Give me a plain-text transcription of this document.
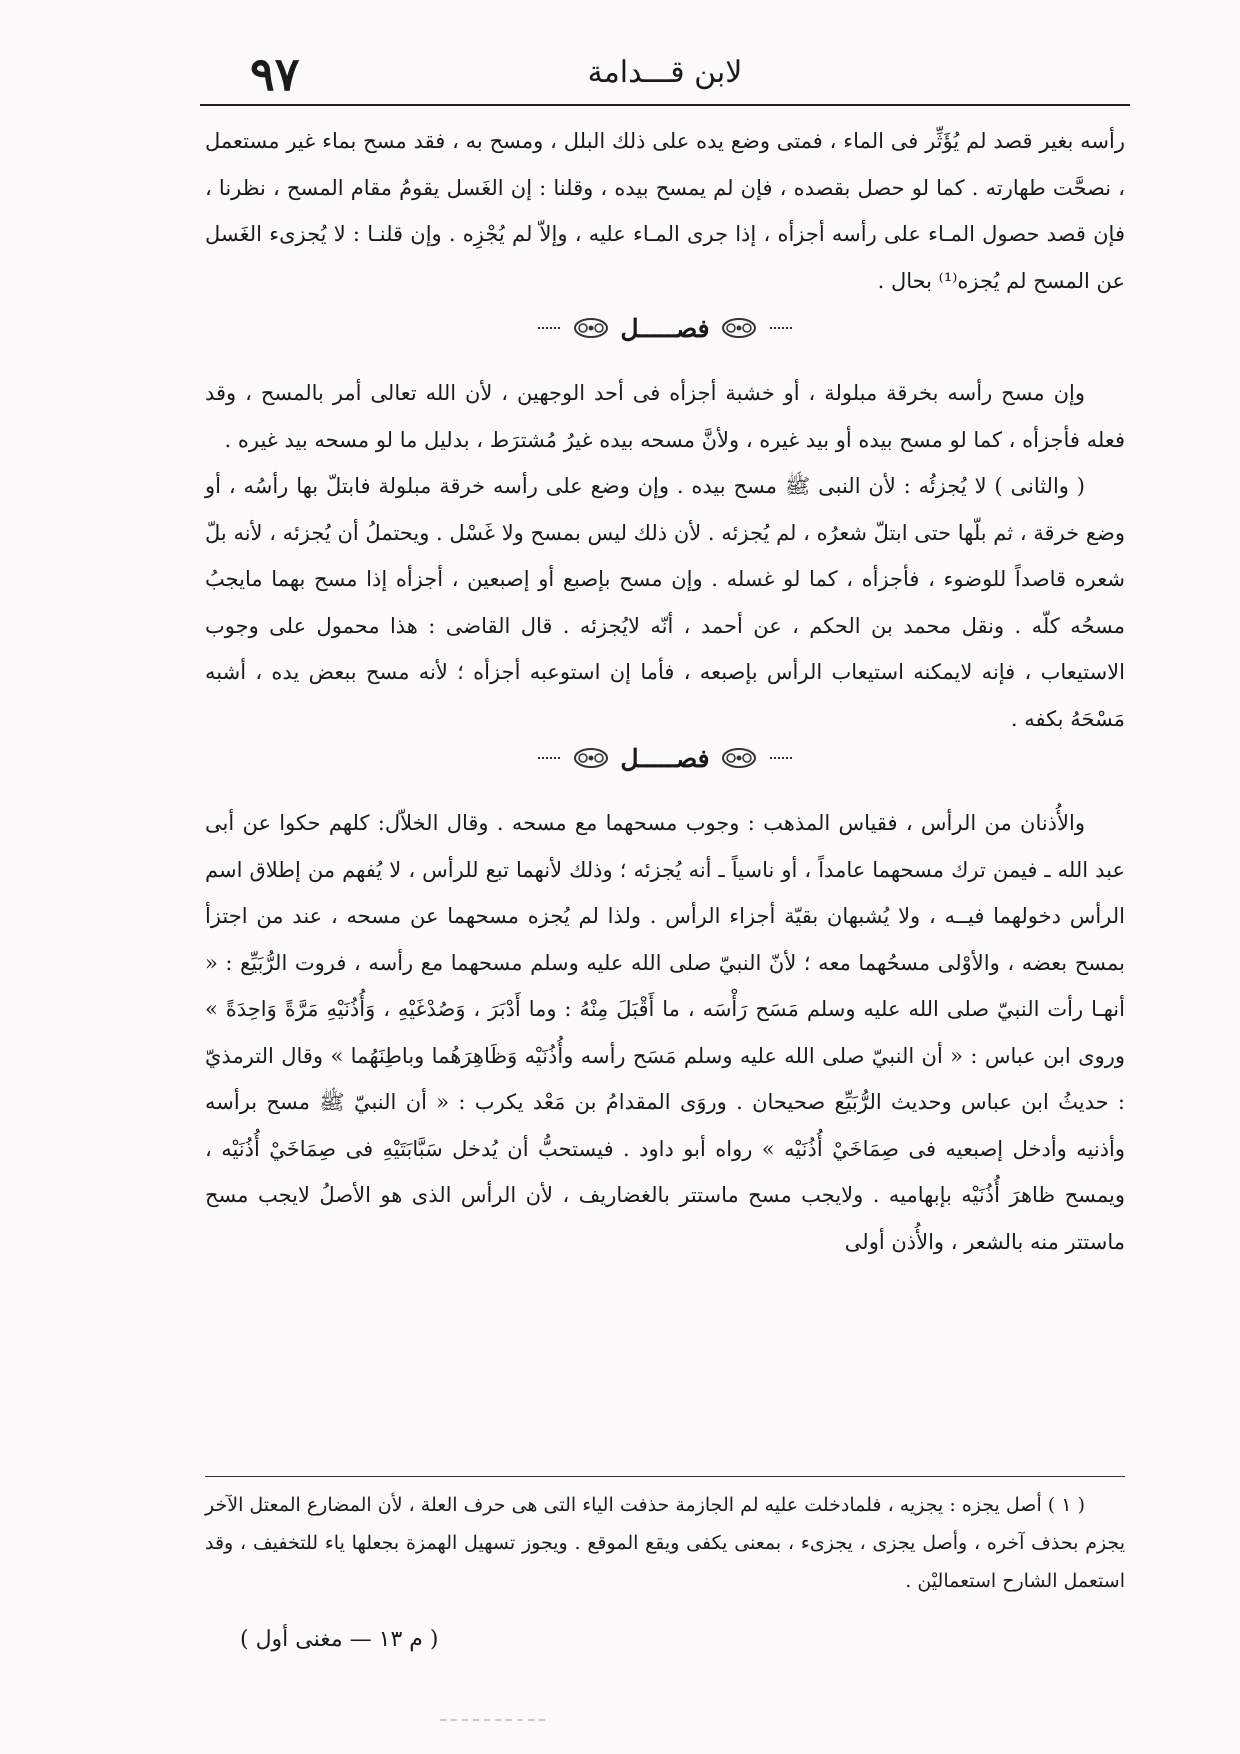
٩٧	لابن قـــدامة

رأسه بغير قصد لم يُؤَثِّر فى الماء ، فمتى وضع يده على ذلك البلل ، ومسح به ، فقد مسح بماء غير مستعمل ، نصحَّت طهارته . كما لو حصل بقصده ، فإن لم يمسح بيده ، وقلنا : إن الغَسل يقومُ مقام المسح ، نظرنا ، فإن قصد حصول المـاء على رأسه أجزأه ، إذا جرى المـاء عليه ، وإلاّ لم يُجْزِه . وإن قلنـا : لا يُجزىء الغَسل عن المسح لم يُجزه⁽¹⁾ بحال .

فصـــــل

وإن مسح رأسه بخرقة مبلولة ، أو خشبة أجزأه فى أحد الوجهين ، لأن الله تعالى أمر بالمسح ، وقد فعله فأجزأه ، كما لو مسح بيده أو بيد غيره ، ولأنَّ مسحه بيده غيرُ مُشترَط ، بدليل ما لو مسحه بيد غيره .

( والثانى ) لا يُجزئُه : لأن النبى ﷺ مسح بيده . وإن وضع على رأسه خرقة مبلولة فابتلّ بها رأسُه ، أو وضع خرقة ، ثم بلّها حتى ابتلّ شعرُه ، لم يُجزئه . لأن ذلك ليس بمسح ولا غَسْل . ويحتملُ أن يُجزئه ، لأنه بلّ شعره قاصداً للوضوء ، فأجزأه ، كما لو غسله . وإن مسح بإصبع أو إصبعين ، أجزأه إذا مسح بهما مايجبُ مسحُه كلّه . ونقل محمد بن الحكم ، عن أحمد ، أنّه لايُجزئه . قال القاضى : هذا محمول على وجوب الاستيعاب ، فإنه لايمكنه استيعاب الرأس بإصبعه ، فأما إن استوعبه أجزأه ؛ لأنه مسح ببعض يده ، أشبه مَسْحَهُ بكفه .

فصـــــل

والأُذنان من الرأس ، فقياس المذهب : وجوب مسحهما مع مسحه . وقال الخلاّل: كلهم حكوا عن أبى عبد الله ـ فيمن ترك مسحهما عامداً ، أو ناسياً ـ أنه يُجزئه ؛ وذلك لأنهما تبع للرأس ، لا يُفهم من إطلاق اسم الرأس دخولهما فيــه ، ولا يُشبهان بقيّة أجزاء الرأس . ولذا لم يُجزه مسحهما عن مسحه ، عند من اجتزأ بمسح بعضه ، والأوْلى مسحُهما معه ؛ لأنّ النبيّ صلى الله عليه وسلم مسحهما مع رأسه ، فروت الرُّبَيِّع : « أنهـا رأت النبيّ صلى الله عليه وسلم مَسَح رَأْسَه ، ما أَقْبَلَ مِنْهُ : وما أَدْبَرَ ، وَصُدْغَيْهِ ، وَأُذُنَيْهِ مَرَّةً وَاحِدَةً » وروى ابن عباس : « أن النبيّ صلى الله عليه وسلم مَسَح رأسه وأُذُنَيْه وَظَاهِرَهُما وباطِنَهُما » وقال الترمذيّ : حديثُ ابن عباس وحديث الرُّبَيِّع صحيحان . وروَى المقدامُ بن مَعْد يكرب : « أن النبيّ ﷺ مسح برأسه وأذنيه وأدخل إصبعيه فى صِمَاخَيْ أُذُنَيْه » رواه أبو داود . فيستحبُّ أن يُدخل سَبَّابَتَيْهِ فى صِمَاخَيْ أُذُنَيْه ، ويمسح ظاهرَ أُذُنَيْه بإبهاميه . ولايجب مسح ماستتر بالغضاريف ، لأن الرأس الذى هو الأصلُ لايجب مسح ماستتر منه بالشعر ، والأُذن أولى

( ١ ) أصل يجزه : يجزيه ، فلمادخلت عليه لم الجازمة حذفت الياء التى هى حرف العلة ، لأن المضارع المعتل الآخر يجزم بحذف آخره ، وأصل يجزى ، يجزىء ، بمعنى يكفى ويقع الموقع . ويجوز تسهيل الهمزة بجعلها ياء للتخفيف ، وقد استعمل الشارح استعماليْن .

( م ١٣ — مغنى أول )
